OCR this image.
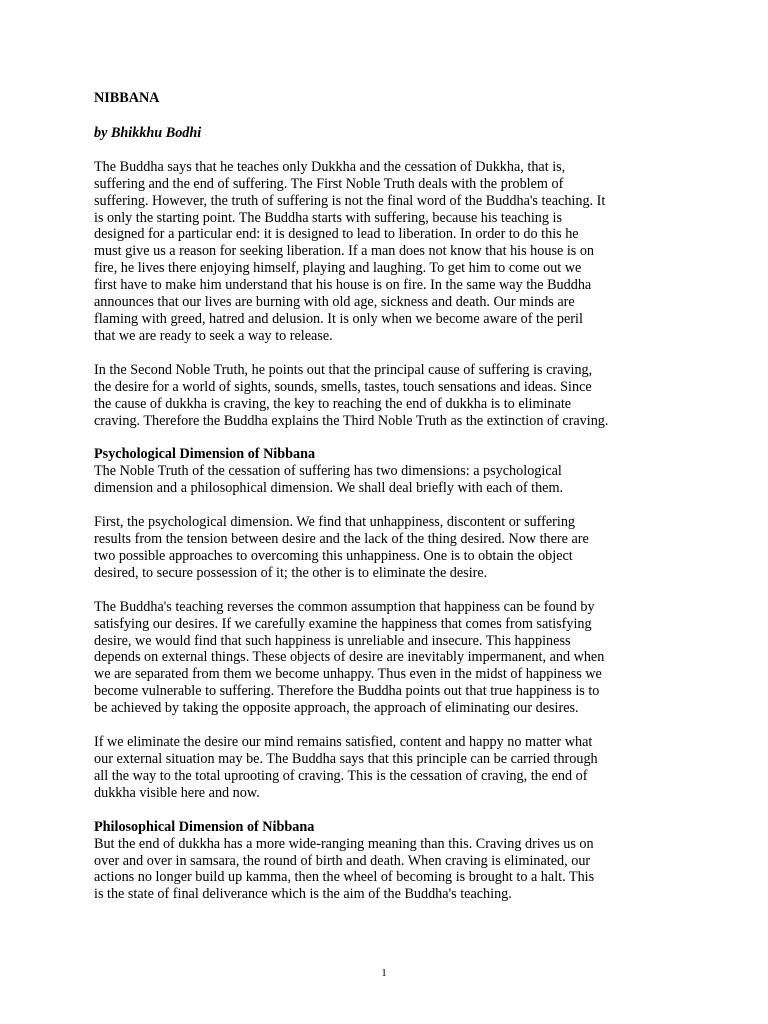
NIBBANA
by Bhikkhu Bodhi

The Buddha says that he teaches only Dukkha and the cessation of Dukkha, that is,
suffering and the end of suffering. The First Noble Truth deals with the problem of
suffering. However, the truth of suffering is not the final word of the Buddha's teaching. It
is only the starting point. The Buddha starts with suffering, because his teaching is
designed for a particular end: it is designed to lead to liberation. In order to do this he
must give us a reason for seeking liberation. If a man does not know that his house is on
fire, he lives there enjoying himself, playing and laughing. To get him to come out we
first have to make him understand that his house is on fire. In the same way the Buddha
announces that our lives are burning with old age, sickness and death. Our minds are
flaming with greed, hatred and delusion. It is only when we become aware of the peril
that we are ready to seek a way to release.

In the Second Noble Truth, he points out that the principal cause of suffering is craving,
the desire for a world of sights, sounds, smells, tastes, touch sensations and ideas. Since
the cause of dukkha is craving, the key to reaching the end of dukkha is to eliminate
craving. Therefore the Buddha explains the Third Noble Truth as the extinction of craving.

Psychological Dimension of Nibbana

The Noble Truth of the cessation of suffering has two dimensions: a psychological
dimension and a philosophical dimension. We shall deal briefly with each of them.

First, the psychological dimension. We find that unhappiness, discontent or suffering
results from the tension between desire and the lack of the thing desired. Now there are
two possible approaches to overcoming this unhappiness. One is to obtain the object
desired, to secure possession of it; the other is to eliminate the desire.

The Buddha's teaching reverses the common assumption that happiness can be found by
satisfying our desires. If we carefully examine the happiness that comes from satisfying
desire, we would find that such happiness is unreliable and insecure. This happiness
depends on external things. These objects of desire are inevitably impermanent, and when
we are separated from them we become unhappy. Thus even in the midst of happiness we
become vulnerable to suffering. Therefore the Buddha points out that true happiness is to
be achieved by taking the opposite approach, the approach of eliminating our desires.

If we eliminate the desire our mind remains satisfied, content and happy no matter what
our external situation may be. The Buddha says that this principle can be carried through
all the way to the total uprooting of craving. This is the cessation of craving, the end of
dukkha visible here and now.

Philosophical Dimension of Nibbana

But the end of dukkha has a more wide-ranging meaning than this. Craving drives us on
over and over in samsara, the round of birth and death. When craving is eliminated, our
actions no longer build up kamma, then the wheel of becoming is brought to a halt. This
is the state of final deliverance which is the aim of the Buddha's teaching.

1
